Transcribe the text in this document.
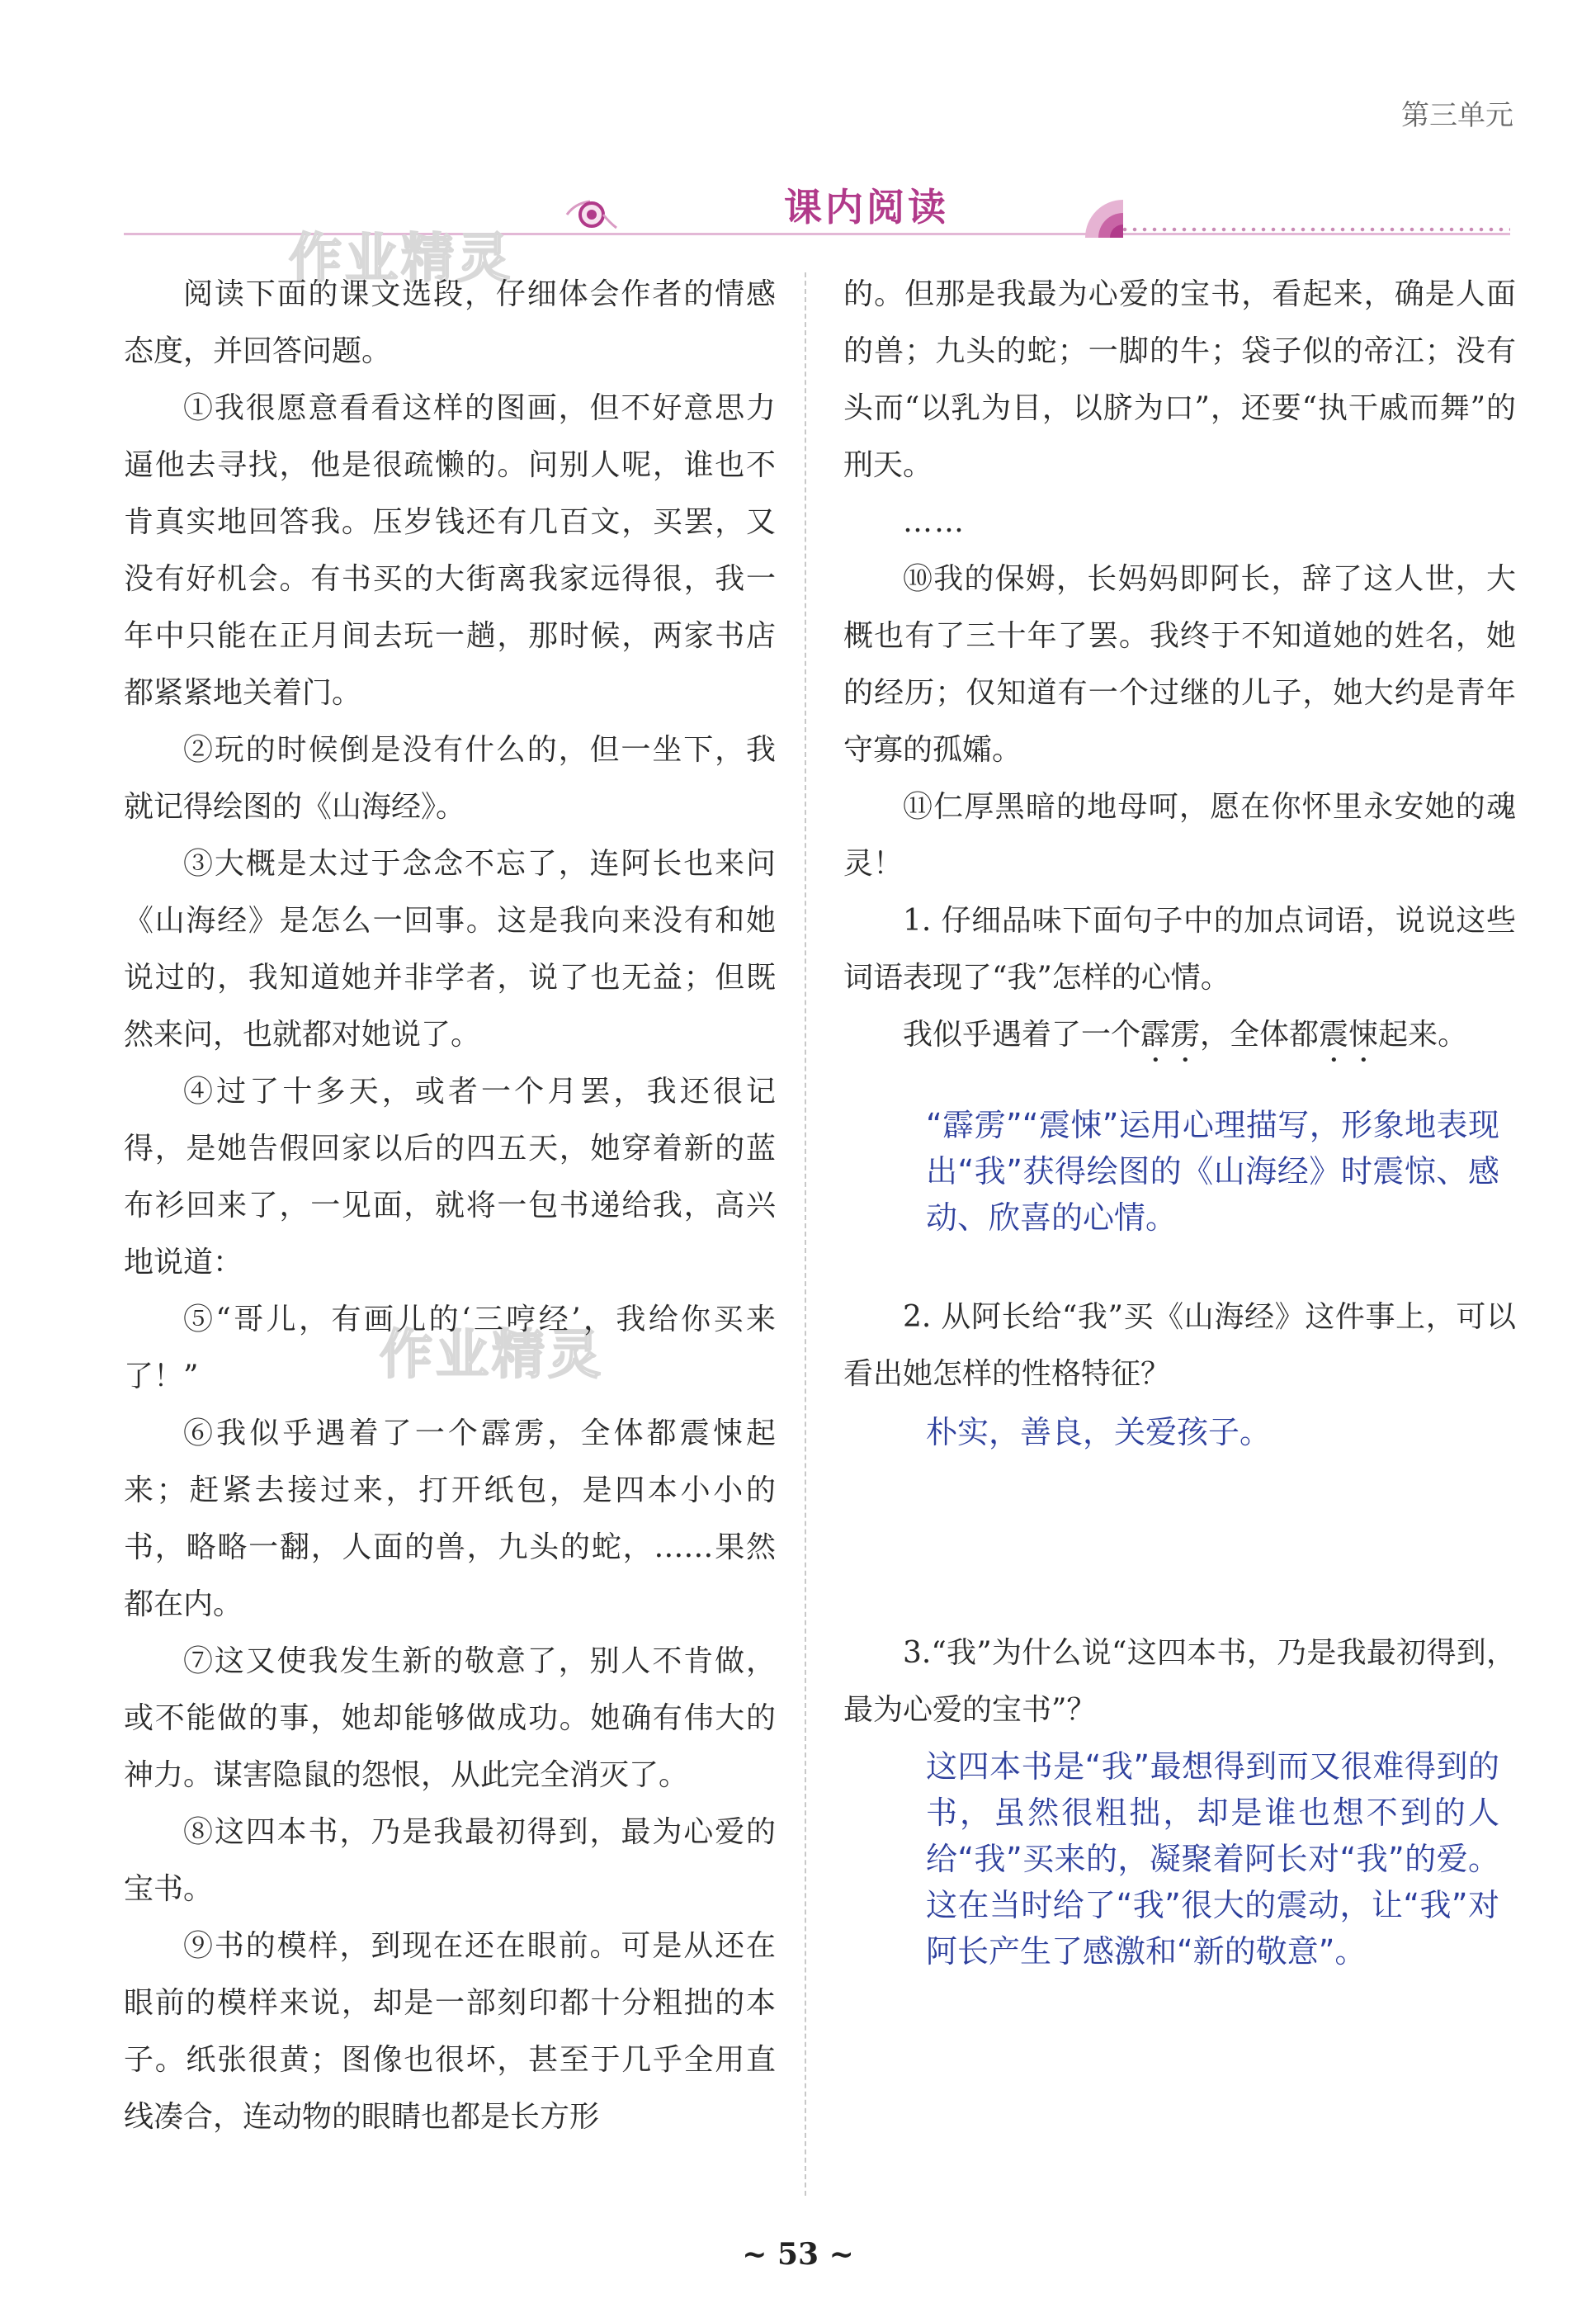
第三单元
课内阅读
作业精灵
作业精灵

阅读下面的课文选段，仔细体会作者的情感态度，并回答问题。

①我很愿意看看这样的图画，但不好意思力逼他去寻找，他是很疏懒的。问别人呢，谁也不肯真实地回答我。压岁钱还有几百文，买罢，又没有好机会。有书买的大街离我家远得很，我一年中只能在正月间去玩一趟，那时候，两家书店都紧紧地关着门。

②玩的时候倒是没有什么的，但一坐下，我就记得绘图的《山海经》。

③大概是太过于念念不忘了，连阿长也来问《山海经》是怎么一回事。这是我向来没有和她说过的，我知道她并非学者，说了也无益；但既然来问，也就都对她说了。

④过了十多天，或者一个月罢，我还很记得，是她告假回家以后的四五天，她穿着新的蓝布衫回来了，一见面，就将一包书递给我，高兴地说道：

⑤“哥儿，有画儿的‘三哼经’，我给你买来了！”

⑥我似乎遇着了一个霹雳，全体都震悚起来；赶紧去接过来，打开纸包，是四本小小的书，略略一翻，人面的兽，九头的蛇，……果然都在内。

⑦这又使我发生新的敬意了，别人不肯做，或不能做的事，她却能够做成功。她确有伟大的神力。谋害隐鼠的怨恨，从此完全消灭了。

⑧这四本书，乃是我最初得到，最为心爱的宝书。

⑨书的模样，到现在还在眼前。可是从还在眼前的模样来说，却是一部刻印都十分粗拙的本子。纸张很黄；图像也很坏，甚至于几乎全用直线凑合，连动物的眼睛也都是长方形

的。但那是我最为心爱的宝书，看起来，确是人面的兽；九头的蛇；一脚的牛；袋子似的帝江；没有头而“以乳为目，以脐为口”，还要“执干戚而舞”的刑天。

……

⑩我的保姆，长妈妈即阿长，辞了这人世，大概也有了三十年了罢。我终于不知道她的姓名，她的经历；仅知道有一个过继的儿子，她大约是青年守寡的孤孀。

⑪仁厚黑暗的地母呵，愿在你怀里永安她的魂灵！

1. 仔细品味下面句子中的加点词语，说说这些词语表现了“我”怎样的心情。

我似乎遇着了一个霹雳，全体都震悚起来。

“霹雳”“震悚”运用心理描写，形象地表现出“我”获得绘图的《山海经》时震惊、感动、欣喜的心情。

2. 从阿长给“我”买《山海经》这件事上，可以看出她怎样的性格特征？

朴实，善良，关爱孩子。

3.“我”为什么说“这四本书，乃是我最初得到，最为心爱的宝书”？

这四本书是“我”最想得到而又很难得到的书，虽然很粗拙，却是谁也想不到的人给“我”买来的，凝聚着阿长对“我”的爱。这在当时给了“我”很大的震动，让“我”对阿长产生了感激和“新的敬意”。
~ 53 ~
